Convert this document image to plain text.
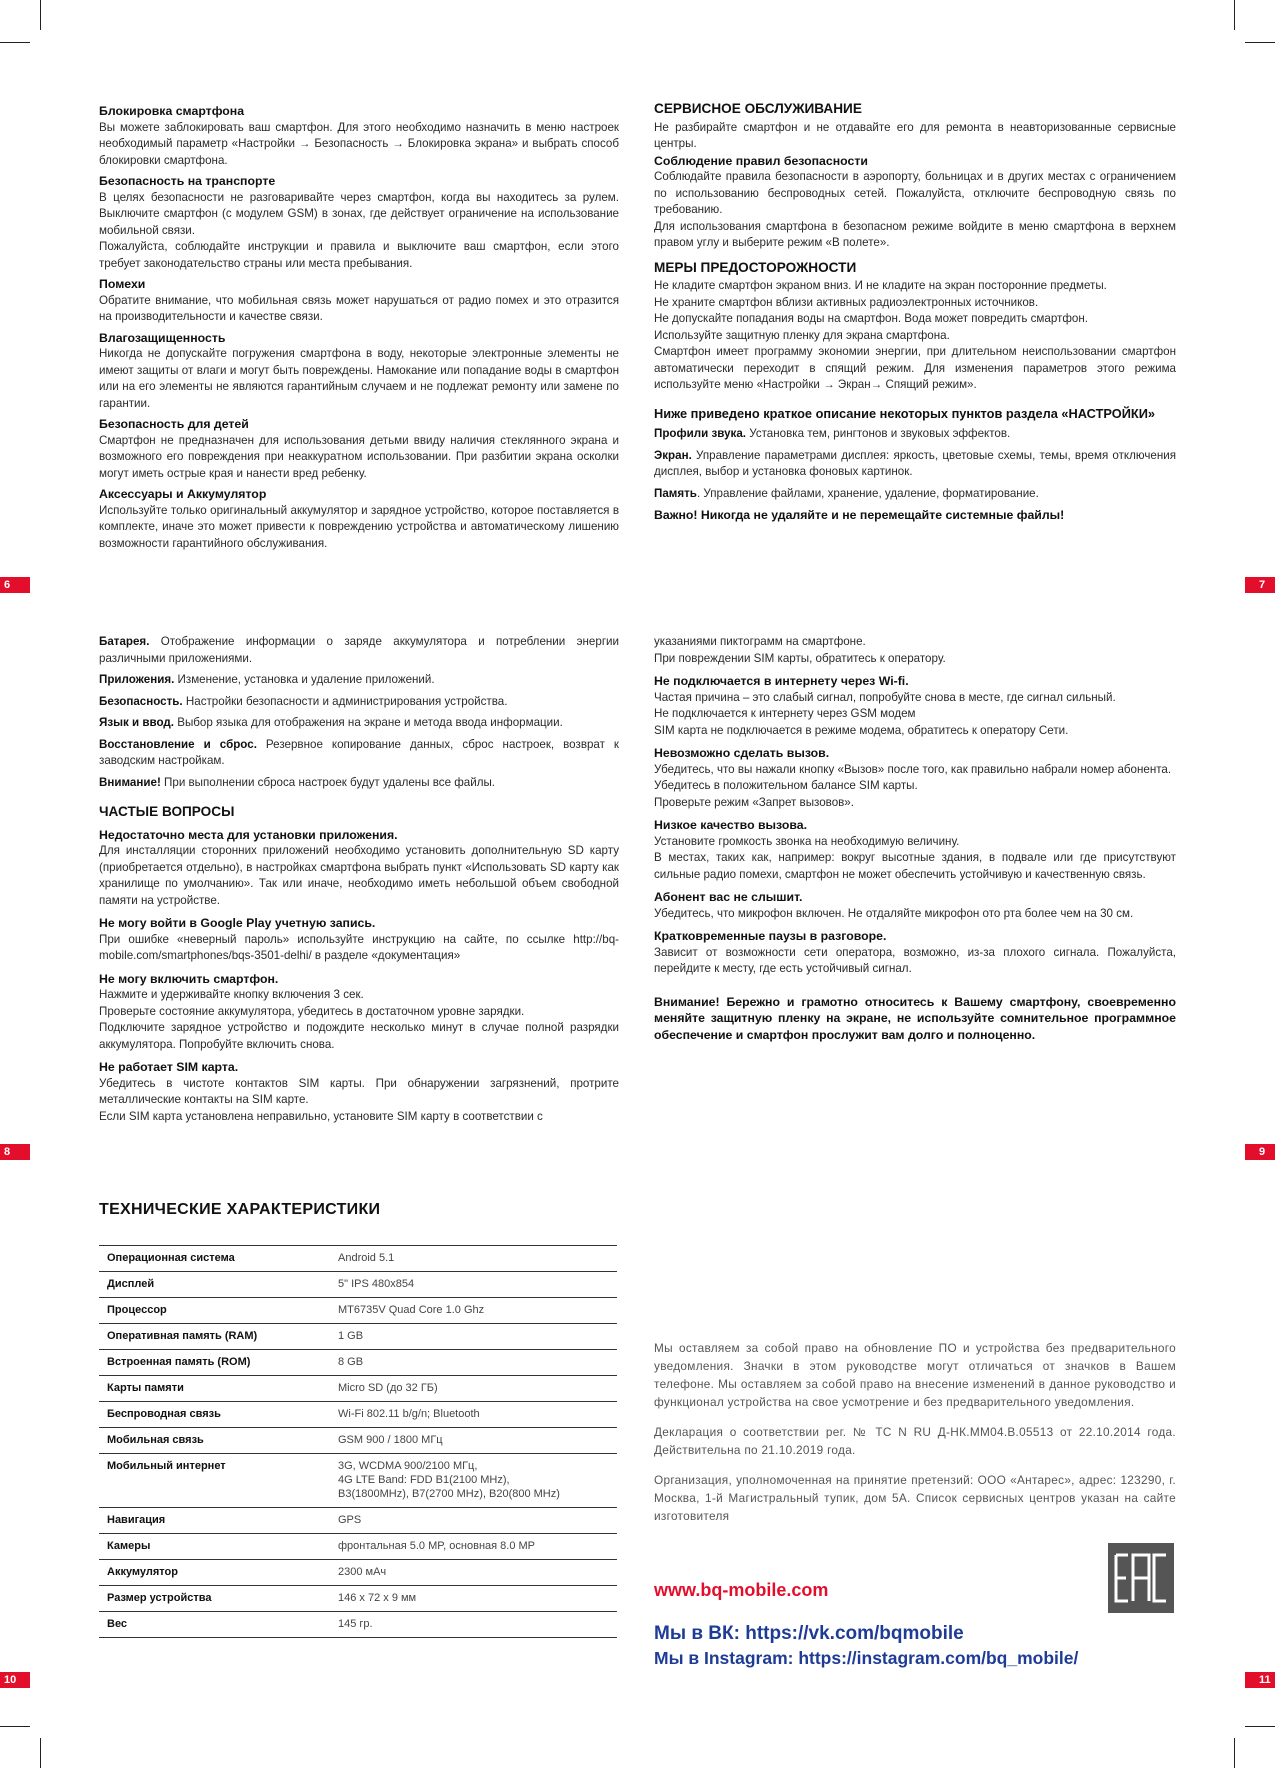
Блокировка смартфона

Вы можете заблокировать ваш смартфон. Для этого необходимо назначить в меню настроек необходимый параметр «Настройки → Безопасность → Блокировка экрана» и выбрать способ блокировки смартфона.

Безопасность на транспорте

В целях безопасности не разговаривайте через смартфон, когда вы находитесь за рулем. Выключите смартфон (с модулем GSM) в зонах, где действует ограничение на использование мобильной связи.

Пожалуйста, соблюдайте инструкции и правила и выключите ваш смартфон, если этого требует законодательство страны или места пребывания.

Помехи

Обратите внимание, что мобильная связь может нарушаться от радио помех и это отразится на производительности и качестве связи.

Влагозащищенность

Никогда не допускайте погружения смартфона в воду, некоторые электронные элементы не имеют защиты от влаги и могут быть повреждены. Намокание или попадание воды в смартфон или на его элементы не являются гарантийным случаем и не подлежат ремонту или замене по гарантии.

Безопасность для детей

Смартфон не предназначен для использования детьми ввиду наличия стеклянного экрана и возможного его повреждения при неаккуратном использовании. При разбитии экрана осколки могут иметь острые края и нанести вред ребенку.

Аксессуары и Аккумулятор

Используйте только оригинальный аккумулятор и зарядное устройство, которое поставляется в комплекте, иначе это может привести к повреждению устройства и автоматическому лишению возможности гарантийного обслуживания.

6
СЕРВИСНОЕ ОБСЛУЖИВАНИЕ

Не разбирайте смартфон и не отдавайте его для ремонта в неавторизованные сервисные центры.

Соблюдение правил безопасности

Соблюдайте правила безопасности в аэропорту, больницах и в других местах с ограничением по использованию беспроводных сетей. Пожалуйста, отключите беспроводную связь по требованию.

Для использования смартфона в безопасном режиме войдите в меню смартфона в верхнем правом углу и выберите режим «В полете».

МЕРЫ ПРЕДОСТОРОЖНОСТИ

Не кладите смартфон экраном вниз. И не кладите на экран посторонние предметы.

Не храните смартфон вблизи активных радиоэлектронных источников.

Не допускайте попадания воды на смартфон. Вода может повредить смартфон.

Используйте защитную пленку для экрана смартфона.

Смартфон имеет программу экономии энергии, при длительном неиспользовании смартфон автоматически переходит в спящий режим. Для изменения параметров этого режима используйте меню «Настройки → Экран→ Спящий режим».

Ниже приведено краткое описание некоторых пунктов раздела «НАСТРОЙКИ»

Профили звука. Установка тем, рингтонов и звуковых эффектов.

Экран. Управление параметрами дисплея: яркость, цветовые схемы, темы, время отключения дисплея, выбор и установка фоновых картинок.

Память. Управление файлами, хранение, удаление, форматирование.

Важно! Никогда не удаляйте и не перемещайте системные файлы!
7

Батарея. Отображение информации о заряде аккумулятора и потреблении энергии различными приложениями.

Приложения. Изменение, установка и удаление приложений.

Безопасность. Настройки безопасности и администрирования устройства.

Язык и ввод. Выбор языка для отображения на экране и метода ввода информации.

Восстановление и сброс. Резервное копирование данных, сброс настроек, возврат к заводским настройкам.

Внимание! При выполнении сброса настроек будут удалены все файлы.

ЧАСТЫЕ ВОПРОСЫ
Недостаточно места для установки приложения.

Для инсталляции сторонних приложений необходимо установить дополнительную SD карту (приобретается отдельно), в настройках смартфона выбрать пункт «Использовать SD карту как хранилище по умолчанию». Так или иначе, необходимо иметь небольшой объем свободной памяти на устройстве.

Не могу войти в Google Play учетную запись.

При ошибке «неверный пароль» используйте инструкцию на сайте, по ссылке http://bq-mobile.com/smartphones/bqs-3501-delhi/ в разделе «документация»

Не могу включить смартфон.

Нажмите и удерживайте кнопку включения 3 сек.

Проверьте состояние аккумулятора, убедитесь в достаточном уровне зарядки.

Подключите зарядное устройство и подождите несколько минут в случае полной разрядки аккумулятора. Попробуйте включить снова.

Не работает SIM карта.

Убедитесь в чистоте контактов SIM карты. При обнаружении загрязнений, протрите металлические контакты на SIM карте.

Если SIM карта установлена неправильно, установите SIM карту в соответствии с

8

указаниями пиктограмм на смартфоне.

При повреждении SIM карты, обратитесь к оператору.

Не подключается в интернету через Wi-fi.

Частая причина – это слабый сигнал, попробуйте снова в месте, где сигнал сильный.

Не подключается к интернету через GSM модем

SIM карта не подключается в режиме модема, обратитесь к оператору Сети.

Невозможно сделать вызов.

Убедитесь, что вы нажали кнопку «Вызов» после того, как правильно набрали номер абонента.

Убедитесь в положительном балансе SIM карты.

Проверьте режим «Запрет вызовов».

Низкое качество вызова.

Установите громкость звонка на необходимую величину.

В местах, таких как, например: вокруг высотные здания, в подвале или где присутствуют сильные радио помехи, смартфон не может обеспечить устойчивую и качественную связь.

Абонент вас не слышит.

Убедитесь, что микрофон включен. Не отдаляйте микрофон ото рта более чем на 30 см.

Кратковременные паузы в разговоре.

Зависит от возможности сети оператора, возможно, из-за плохого сигнала. Пожалуйста, перейдите к месту, где есть устойчивый сигнал.

Внимание! Бережно и грамотно относитесь к Вашему смартфону, своевременно меняйте защитную пленку на экране, не используйте сомнительное программное обеспечение и смартфон прослужит вам долго и полноценно.
9
ТЕХНИЧЕСКИЕ ХАРАКТЕРИСТИКИ
Операционная система	Android 5.1
Дисплей	5" IPS 480x854
Процессор	MT6735V Quad Core 1.0 Ghz
Оперативная память (RAM)	1 GB
Встроенная память (ROM)	8 GB
Карты памяти	Micro SD (до 32 ГБ)
Беспроводная связь	Wi-Fi 802.11 b/g/n; Bluetooth
Мобильная связь	GSM 900 / 1800 МГц
Мобильный интернет	3G, WCDMA 900/2100 МГц,
4G LTE Band: FDD B1(2100 MHz),
B3(1800MHz), B7(2700 MHz), B20(800 MHz)
Навигация	GPS
Камеры	фронтальная 5.0 MP, основная 8.0 MP
Аккумулятор	2300 мАч
Размер устройства	146 x 72 x 9 мм
Вес	145 гр.
10

Мы оставляем за собой право на обновление ПО и устройства без предварительного уведомления. Значки в этом руководстве могут отличаться от значков в Вашем телефоне. Мы оставляем за собой право на внесение изменений в данное руководство и функционал устройства на свое усмотрение и без предварительного уведомления.

Декларация о соответствии рег. № ТС N RU Д-НК.ММ04.В.05513 от 22.10.2014 года. Действительна по 21.10.2019 года.

Организация, уполномоченная на принятие претензий: ООО «Антарес», адрес: 123290, г. Москва, 1-й Магистральный тупик, дом 5А. Список сервисных центров указан на сайте изготовителя

www.bq-mobile.com
Мы в ВК: https://vk.com/bqmobile
Мы в Instagram: https://instagram.com/bq_mobile/
11
